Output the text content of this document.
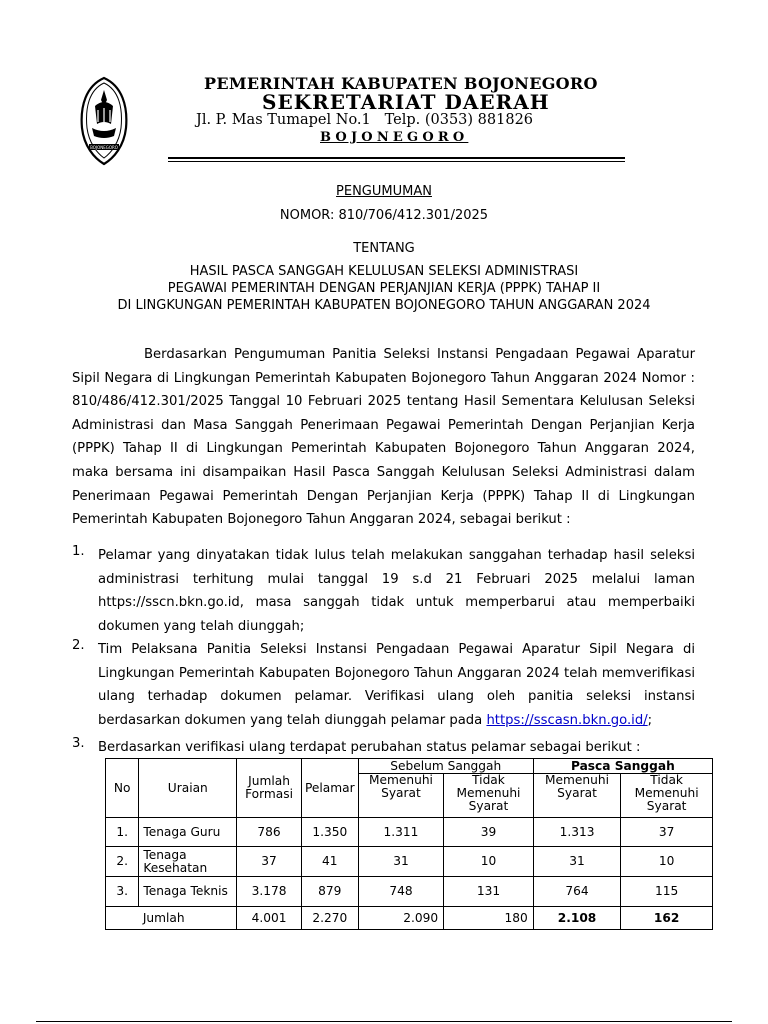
BOJONEGORO
PEMERINTAH KABUPATEN BOJONEGORO
SEKRETARIAT DAERAH
Jl. P. Mas Tumapel No.1   Telp. (0353) 881826
BOJONEGORO
PENGUMUMAN
NOMOR: 810/706/412.301/2025
TENTANG
HASIL PASCA SANGGAH KELULUSAN SELEKSI ADMINISTRASI
PEGAWAI PEMERINTAH DENGAN PERJANJIAN KERJA (PPPK) TAHAP II
DI LINGKUNGAN PEMERINTAH KABUPATEN BOJONEGORO TAHUN ANGGARAN 2024
Berdasarkan Pengumuman Panitia Seleksi Instansi Pengadaan Pegawai Aparatur Sipil Negara di Lingkungan Pemerintah Kabupaten Bojonegoro Tahun Anggaran 2024 Nomor : 810/486/412.301/2025 Tanggal 10 Februari 2025 tentang Hasil Sementara Kelulusan Seleksi Administrasi dan Masa Sanggah Penerimaan Pegawai Pemerintah Dengan Perjanjian Kerja (PPPK) Tahap II di Lingkungan Pemerintah Kabupaten Bojonegoro Tahun Anggaran 2024, maka bersama ini disampaikan Hasil Pasca Sanggah Kelulusan Seleksi Administrasi dalam Penerimaan Pegawai Pemerintah Dengan Perjanjian Kerja (PPPK) Tahap II di Lingkungan Pemerintah Kabupaten Bojonegoro Tahun Anggaran 2024, sebagai berikut :
1. Pelamar yang dinyatakan tidak lulus telah melakukan sanggahan terhadap hasil seleksi administrasi terhitung mulai tanggal 19 s.d 21 Februari 2025 melalui laman https://sscn.bkn.go.id, masa sanggah tidak untuk memperbarui atau memperbaiki dokumen yang telah diunggah;
2. Tim Pelaksana Panitia Seleksi Instansi Pengadaan Pegawai Aparatur Sipil Negara di Lingkungan Pemerintah Kabupaten Bojonegoro Tahun Anggaran 2024 telah memverifikasi ulang terhadap dokumen pelamar. Verifikasi ulang oleh panitia seleksi instansi berdasarkan dokumen yang telah diunggah pelamar pada https://sscasn.bkn.go.id/;
3. Berdasarkan verifikasi ulang terdapat perubahan status pelamar sebagai berikut :
No	Uraian	Jumlah Formasi	Pelamar	Sebelum Sanggah		Pasca Sanggah	
				Memenuhi Syarat	Tidak Memenuhi Syarat	Memenuhi Syarat	Tidak Memenuhi Syarat
1.	Tenaga Guru	786	1.350	1.311	39	1.313	37
2.	Tenaga Kesehatan	37	41	31	10	31	10
3.	Tenaga Teknis	3.178	879	748	131	764	115
	Jumlah	4.001	2.270	2.090	180	2.108	162
